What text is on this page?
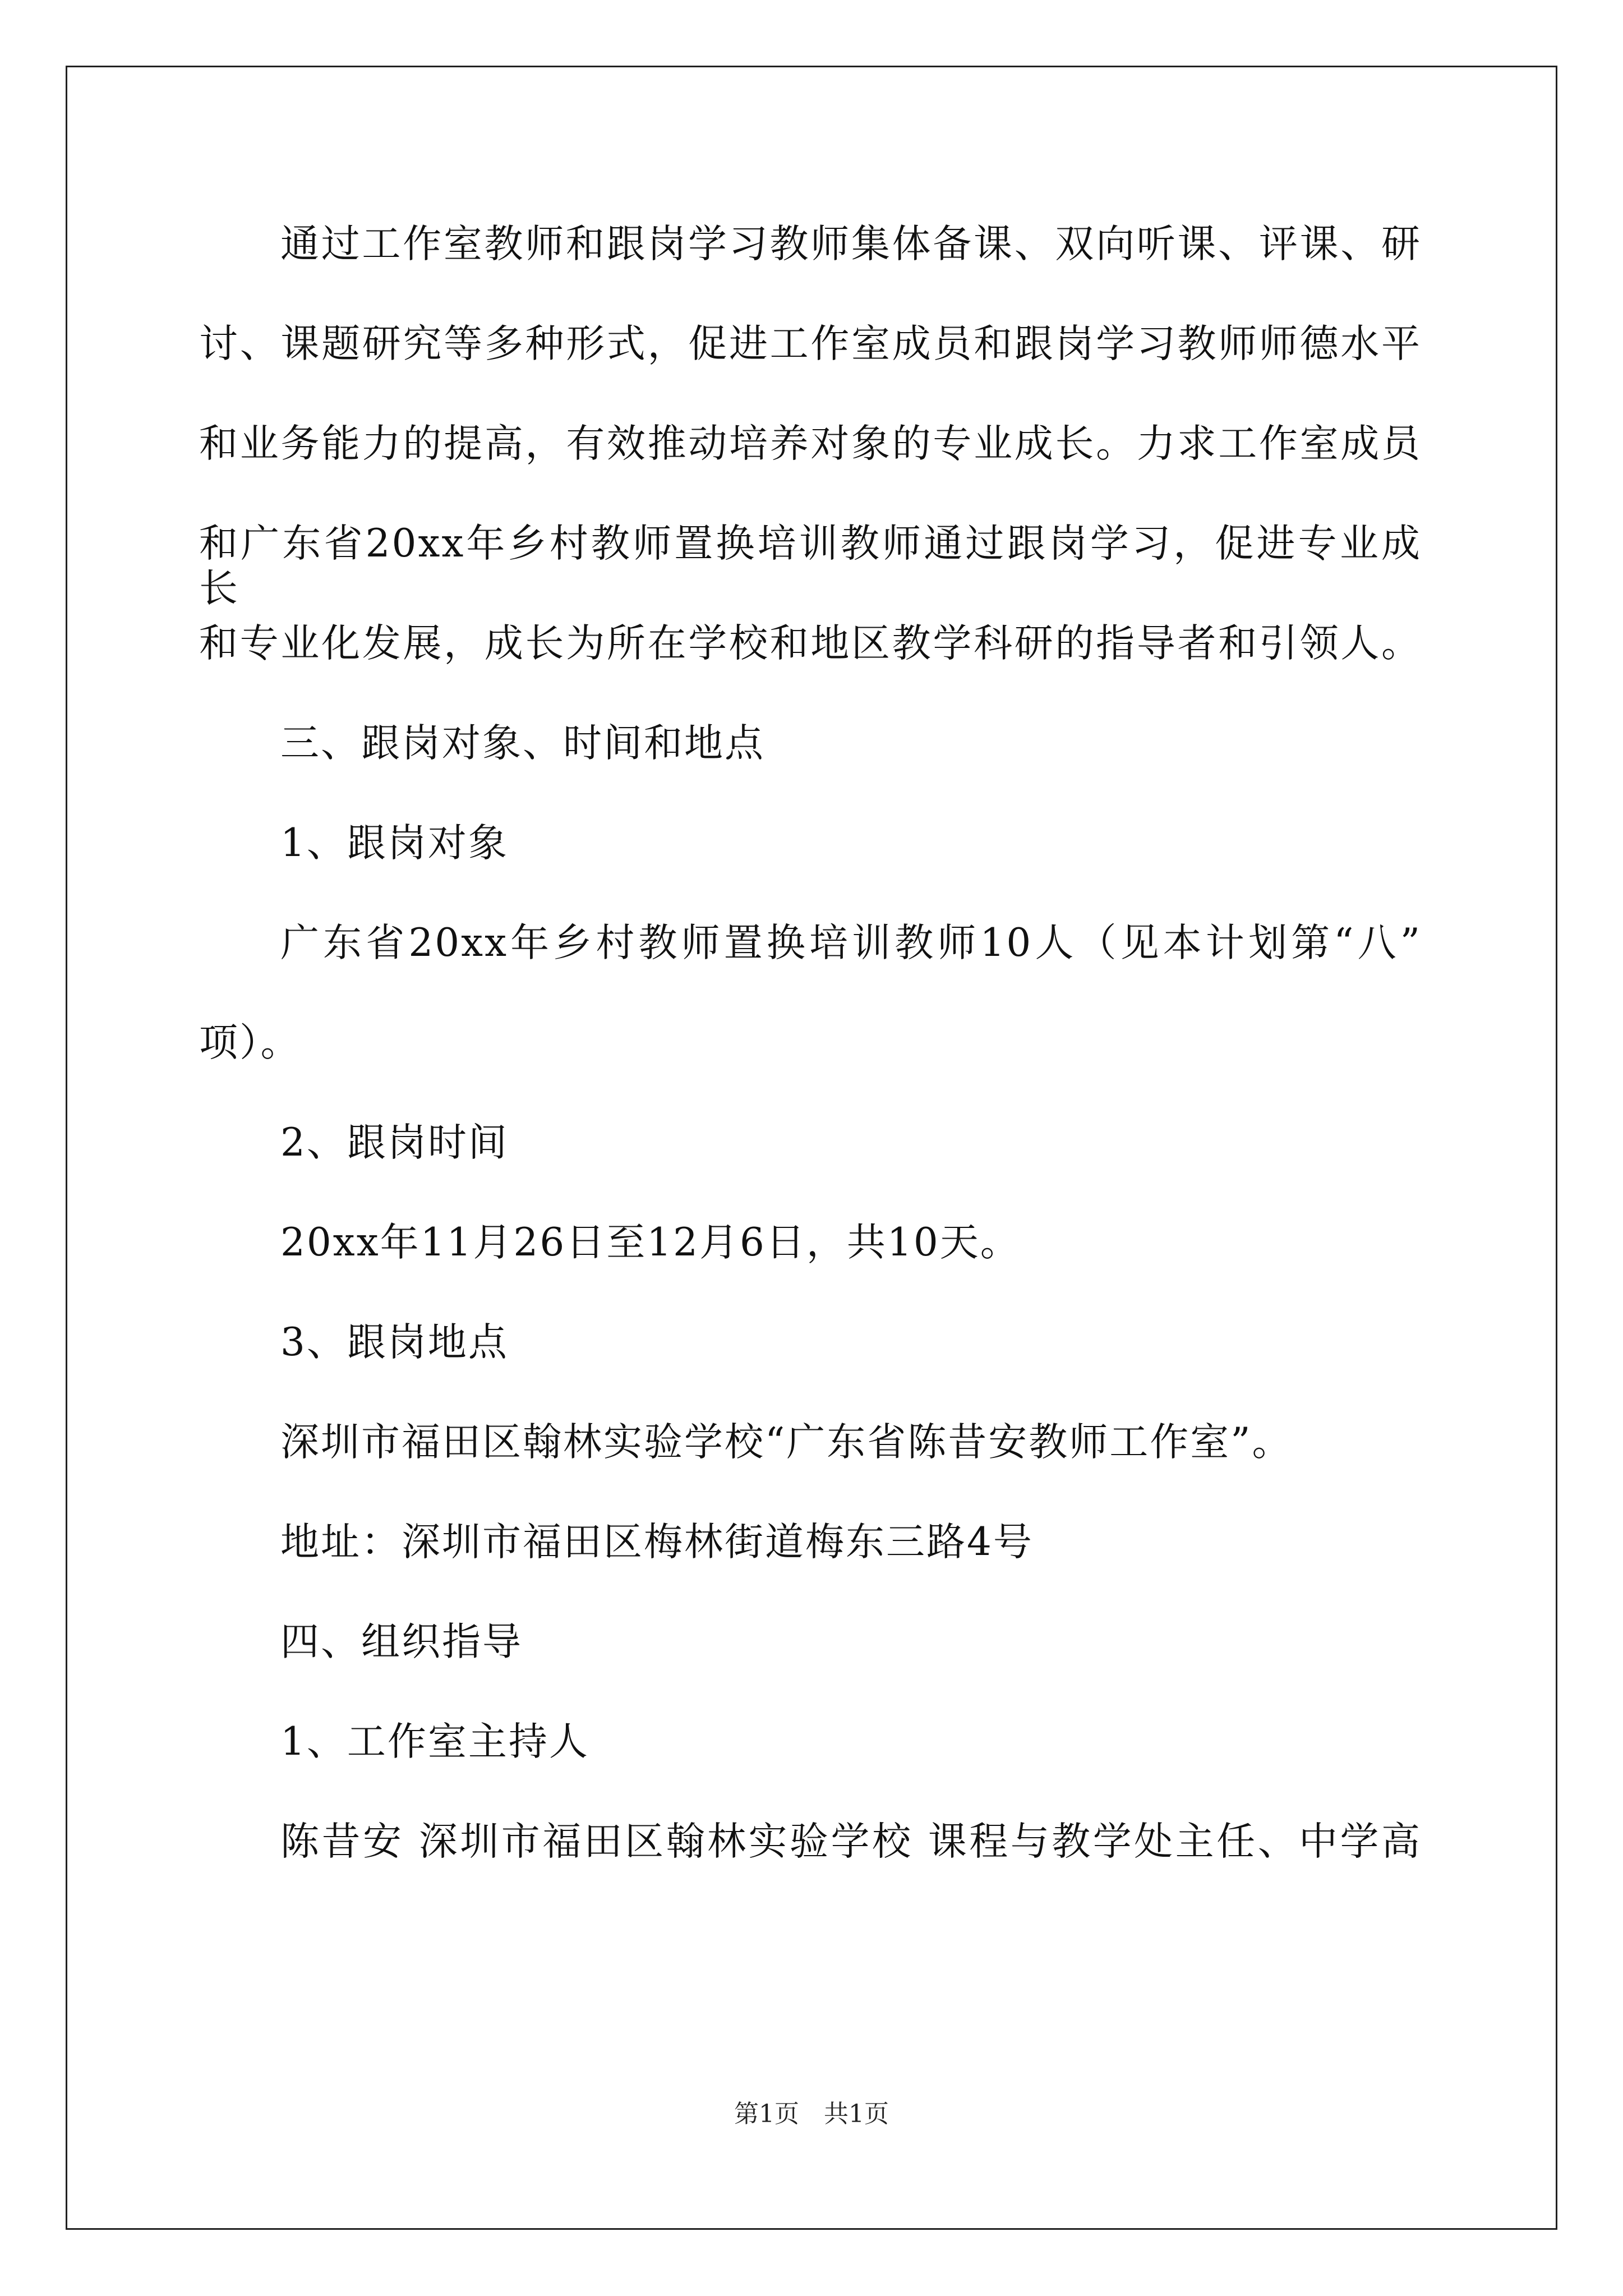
通过工作室教师和跟岗学习教师集体备课、双向听课、评课、研
讨、课题研究等多种形式，促进工作室成员和跟岗学习教师师德水平
和业务能力的提高，有效推动培养对象的专业成长。力求工作室成员
和广东省20xx年乡村教师置换培训教师通过跟岗学习，促进专业成长
和专业化发展，成长为所在学校和地区教学科研的指导者和引领人。
三、跟岗对象、时间和地点
1、跟岗对象
广东省20xx年乡村教师置换培训教师10人（见本计划第“八”
项）。
2、跟岗时间
20xx年11月26日至12月6日，共10天。
3、跟岗地点
深圳市福田区翰林实验学校“广东省陈昔安教师工作室”。
地址：深圳市福田区梅林街道梅东三路4号
四、组织指导
1、工作室主持人
陈昔安 深圳市福田区翰林实验学校 课程与教学处主任、中学高
第1页　共1页
